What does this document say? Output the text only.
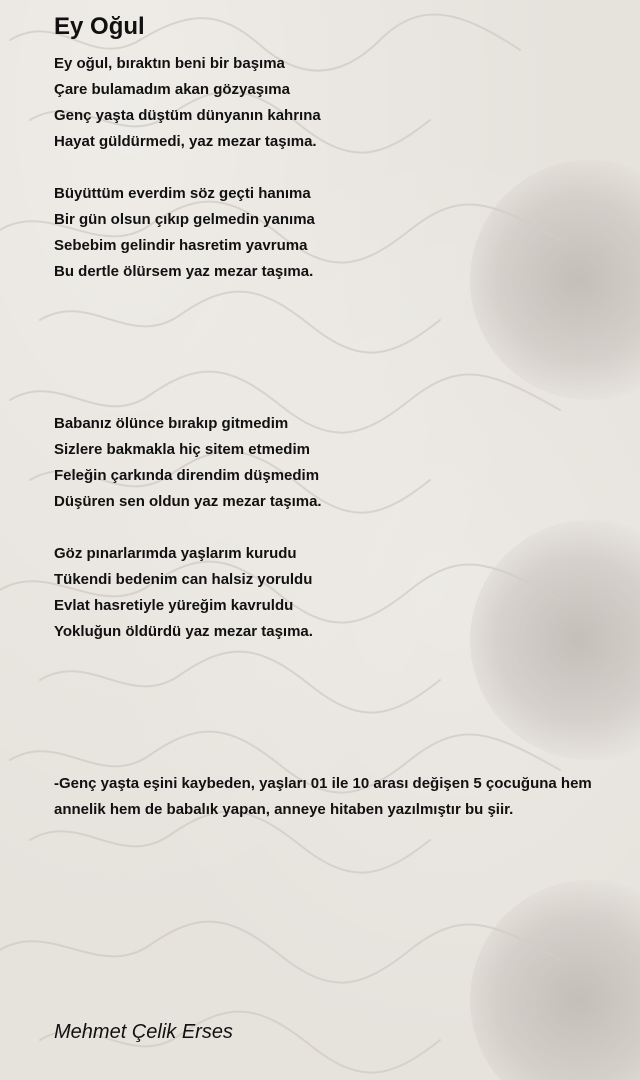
Ey Oğul
Ey oğul, bıraktın beni bir başıma
Çare bulamadım akan gözyaşıma
Genç yaşta düştüm dünyanın kahrına
Hayat güldürmedi, yaz mezar taşıma.
Büyüttüm everdim söz geçti hanıma
Bir gün olsun çıkıp gelmedin yanıma
Sebebim gelindir hasretim yavruma
Bu dertle ölürsem yaz mezar taşıma.
Babanız ölünce bırakıp gitmedim
Sizlere bakmakla hiç sitem etmedim
Feleğin çarkında direndim düşmedim
Düşüren sen oldun yaz mezar taşıma.
Göz pınarlarımda yaşlarım kurudu
Tükendi bedenim can halsiz yoruldu
Evlat hasretiyle yüreğim kavruldu
Yokluğun öldürdü yaz mezar taşıma.

-Genç yaşta eşini kaybeden, yaşları 01 ile 10 arası değişen 5 çocuğuna hem annelik hem de babalık yapan, anneye hitaben yazılmıştır bu şiir.

Mehmet Çelik Erses
